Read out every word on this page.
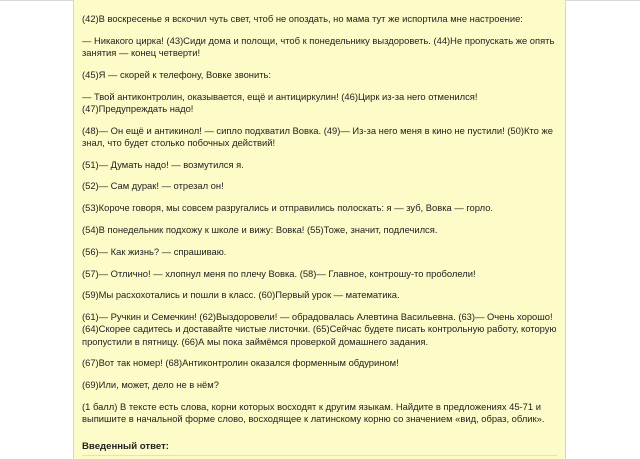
(42)В воскресенье я вскочил чуть свет, чтоб не опоздать, но мама тут же испортила мне настроение:

— Никакого цирка! (43)Сиди дома и полощи, чтоб к понедельнику выздороветь. (44)Не пропускать же опять занятия — конец четверти!

(45)Я — скорей к телефону, Вовке звонить:

— Твой антиконтролин, оказывается, ещё и антициркулин! (46)Цирк из-за него отменился! (47)Предупреждать надо!

(48)— Он ещё и антикинол! — сипло подхватил Вовка. (49)— Из-за него меня в кино не пустили! (50)Кто же знал, что будет столько побочных действий!

(51)— Думать надо! — возмутился я.

(52)— Сам дурак! — отрезал он!

(53)Короче говоря, мы совсем разругались и отправились полоскать: я — зуб, Вовка — горло.

(54)В понедельник подхожу к школе и вижу: Вовка! (55)Тоже, значит, подлечился.

(56)— Как жизнь? — спрашиваю.

(57)— Отлично! — хлопнул меня по плечу Вовка. (58)— Главное, контрошу-то проболели!

(59)Мы расхохотались и пошли в класс. (60)Первый урок — математика.

(61)— Ручкин и Семечкин! (62)Выздоровели! — обрадовалась Алевтина Васильевна. (63)— Очень хорошо! (64)Скорее садитесь и доставайте чистые листочки. (65)Сейчас будете писать контрольную работу, которую пропустили в пятницу. (66)А мы пока займёмся проверкой домашнего задания.

(67)Вот так номер! (68)Антиконтролин оказался форменным обдурином!

(69)Или, может, дело не в нём?

(1 балл) В тексте есть слова, корни которых восходят к другим языкам. Найдите в предложениях 45-71 и выпишите в начальной форме слово, восходящее к латинскому корню со значением «вид, образ, облик».

Введенный ответ:
